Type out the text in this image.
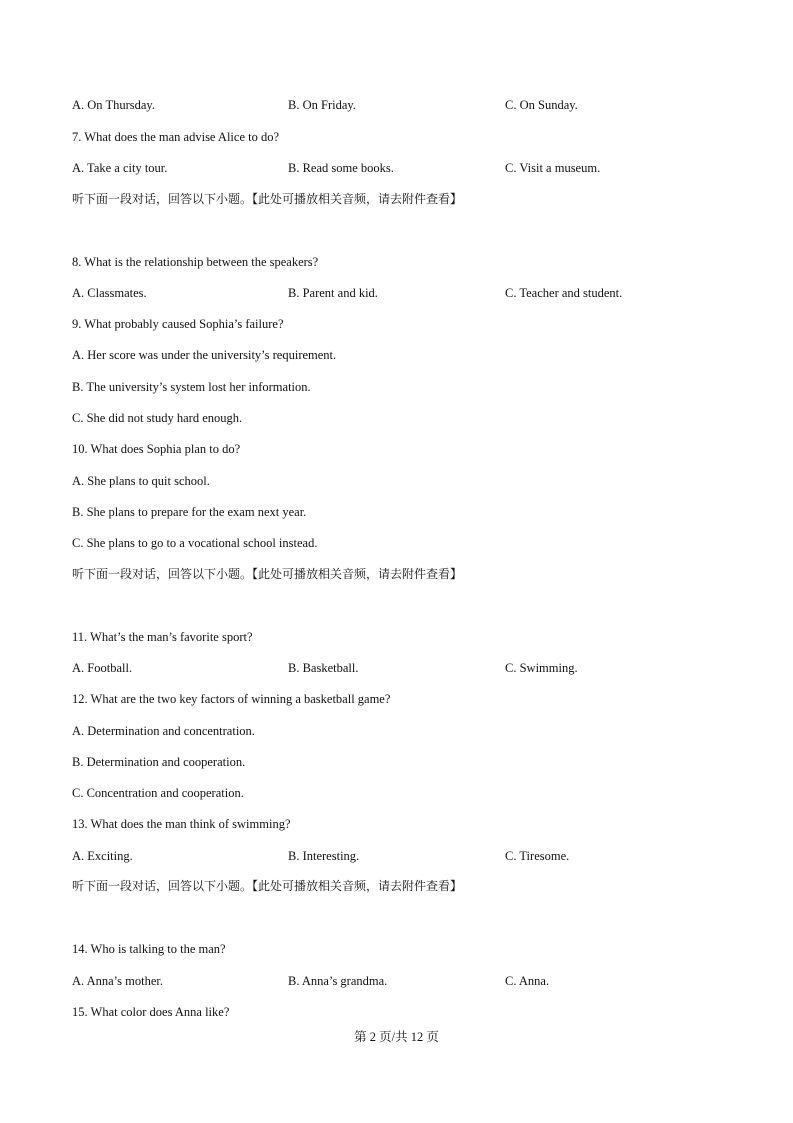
A. On Thursday.	B. On Friday.	C. On Sunday.
7. What does the man advise Alice to do?
A. Take a city tour.	B. Read some books.	C. Visit a museum.
听下面一段对话，回答以下小题。【此处可播放相关音频，请去附件查看】
8. What is the relationship between the speakers?
A. Classmates.	B. Parent and kid.	C. Teacher and student.
9. What probably caused Sophia’s failure?
A. Her score was under the university’s requirement.
B. The university’s system lost her information.
C. She did not study hard enough.
10. What does Sophia plan to do?
A. She plans to quit school.
B. She plans to prepare for the exam next year.
C. She plans to go to a vocational school instead.
听下面一段对话，回答以下小题。【此处可播放相关音频，请去附件查看】
11. What’s the man’s favorite sport?
A. Football.	B. Basketball.	C. Swimming.
12. What are the two key factors of winning a basketball game?
A. Determination and concentration.
B. Determination and cooperation.
C. Concentration and cooperation.
13. What does the man think of swimming?
A. Exciting.	B. Interesting.	C. Tiresome.
听下面一段对话，回答以下小题。【此处可播放相关音频，请去附件查看】
14. Who is talking to the man?
A. Anna’s mother.	B. Anna’s grandma.	C. Anna.
15. What color does Anna like?
第 2 页/共 12 页
